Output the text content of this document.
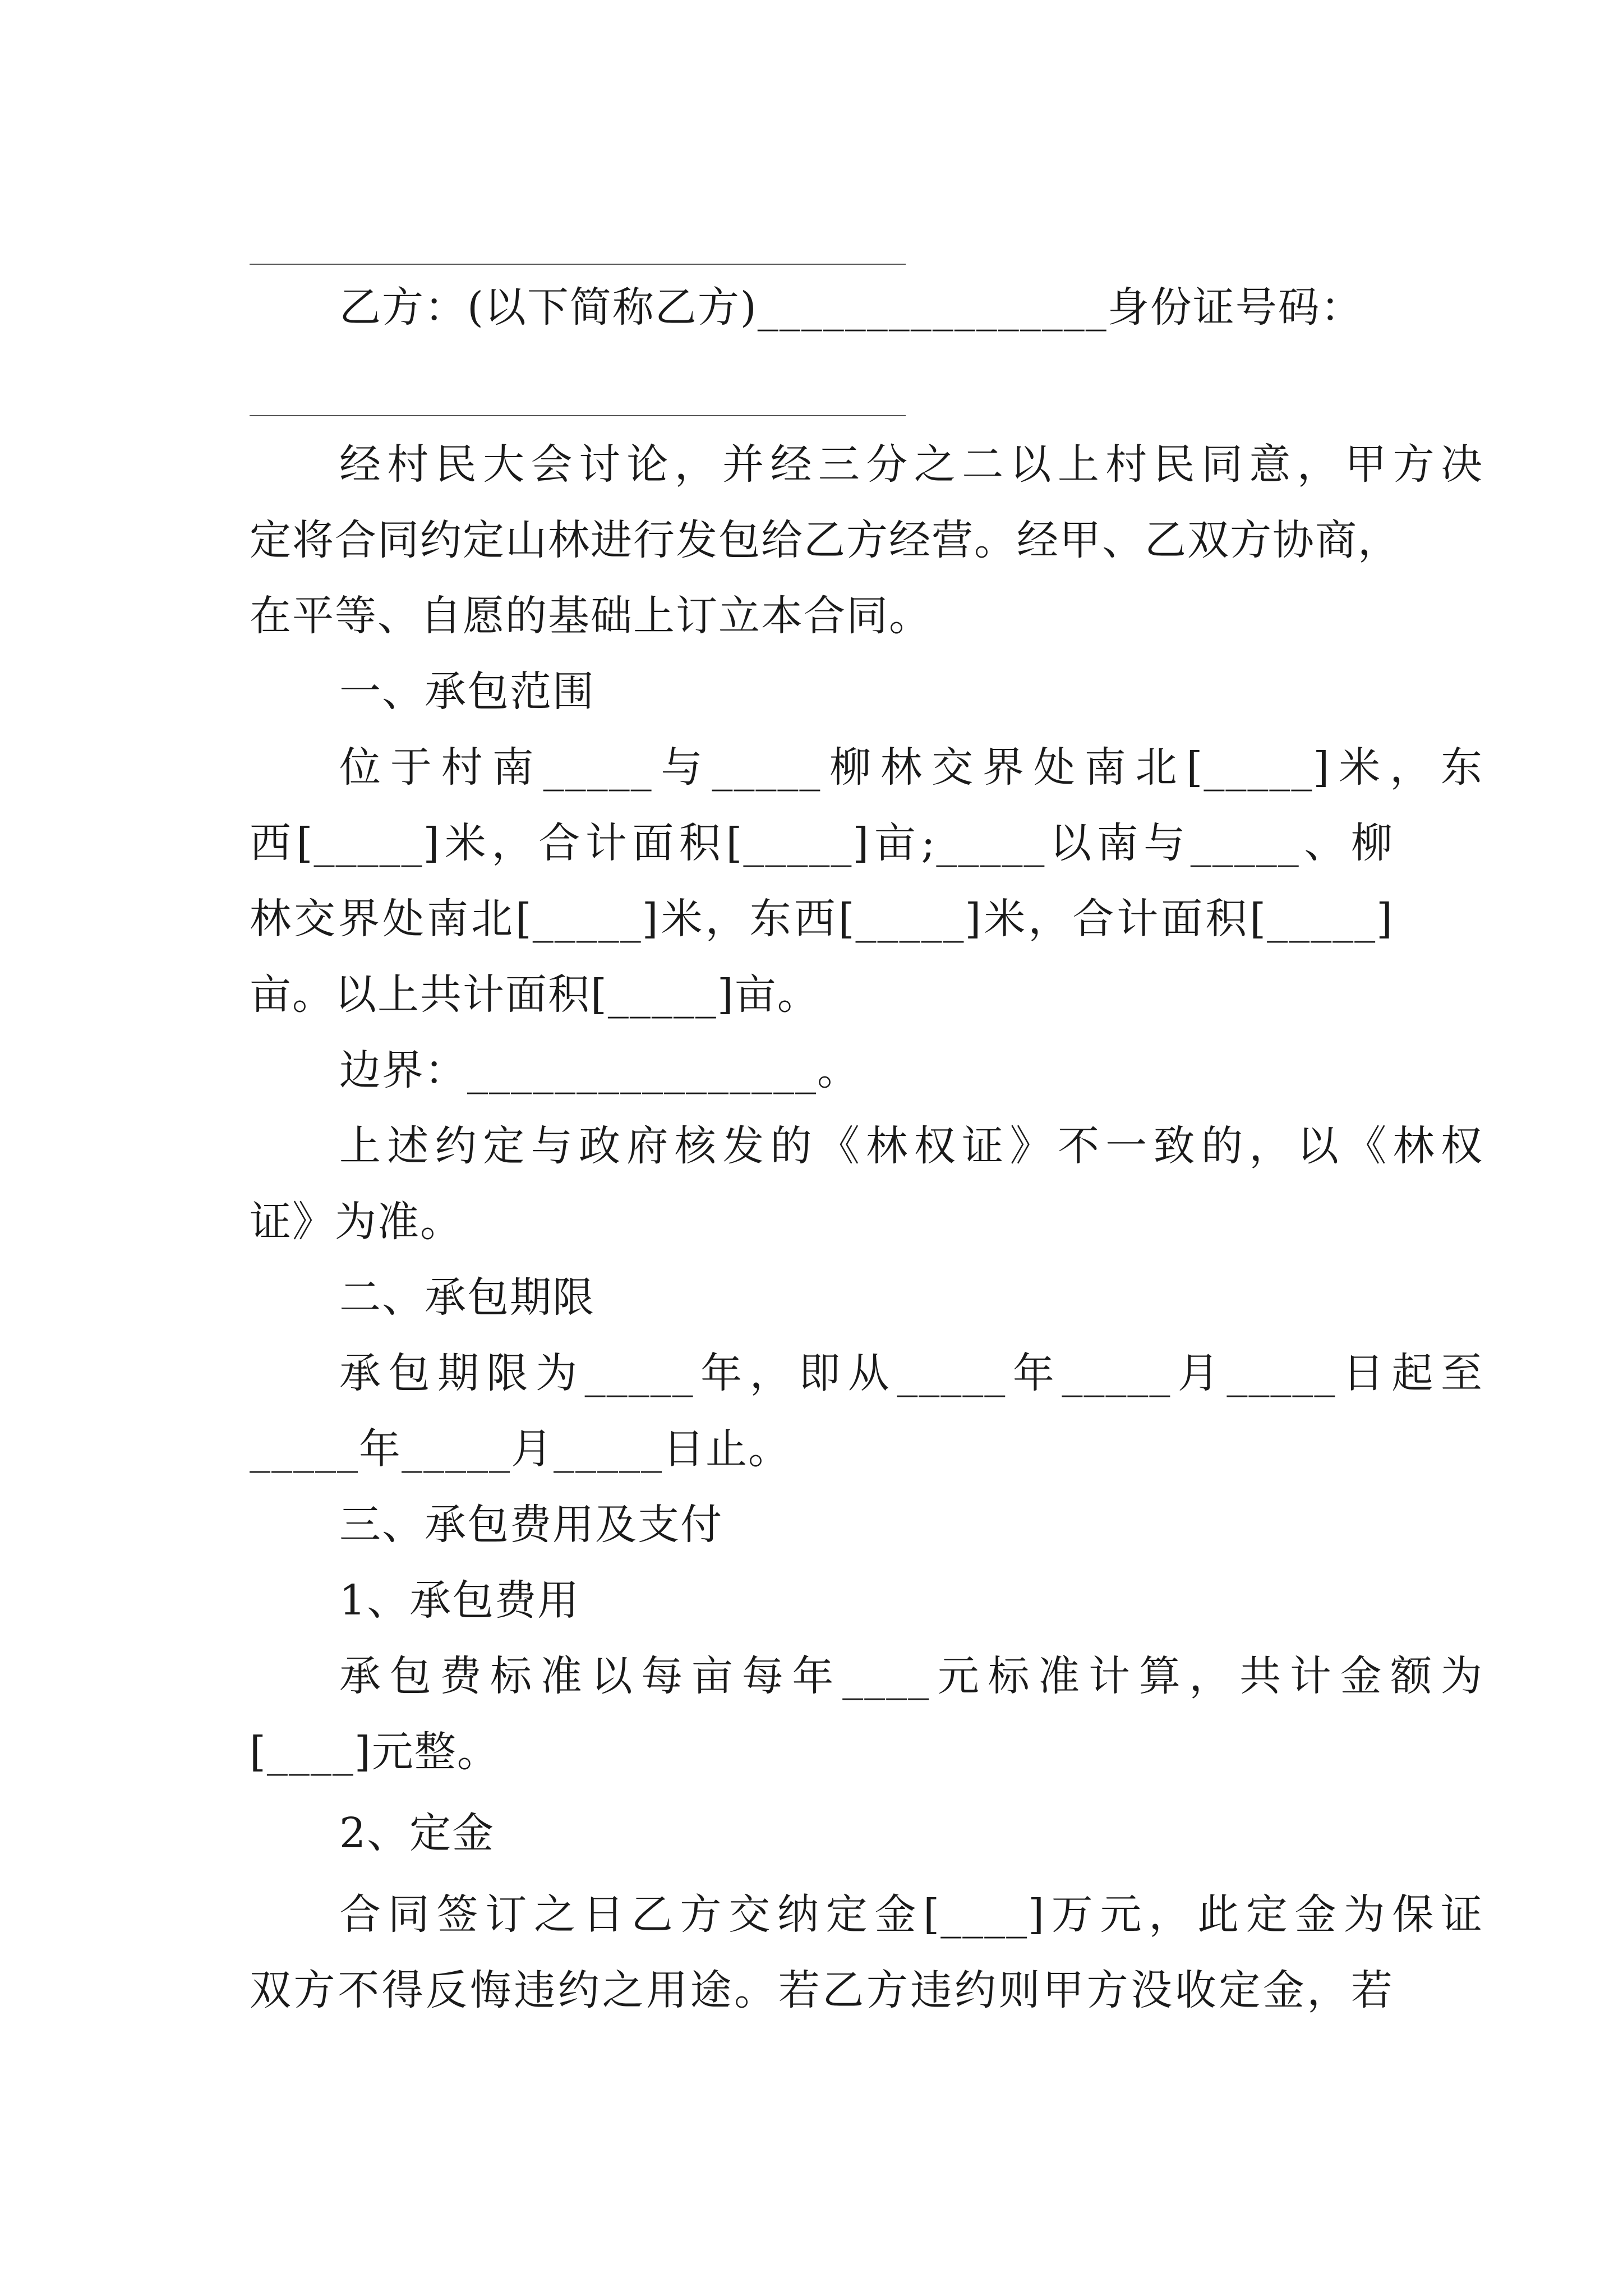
乙方：(以下简称乙方)________________身份证号码：
经村民大会讨论，并经三分之二以上村民同意，甲方决
定将合同约定山林进行发包给乙方经营。经甲、乙双方协商，
在平等、自愿的基础上订立本合同。
一、承包范围
位于村南_____与_____柳林交界处南北[_____]米，东
西[_____]米，合计面积[_____]亩;_____以南与_____、柳
林交界处南北[_____]米，东西[_____]米，合计面积[_____]
亩。以上共计面积[_____]亩。
边界：________________。
上述约定与政府核发的《林权证》不一致的，以《林权
证》为准。
二、承包期限
承包期限为_____年，即从_____年_____月_____日起至
_____年_____月_____日止。
三、承包费用及支付
1、承包费用
承包费标准以每亩每年____元标准计算，共计金额为
[____]元整。
2、定金
合同签订之日乙方交纳定金[____]万元，此定金为保证
双方不得反悔违约之用途。若乙方违约则甲方没收定金，若
